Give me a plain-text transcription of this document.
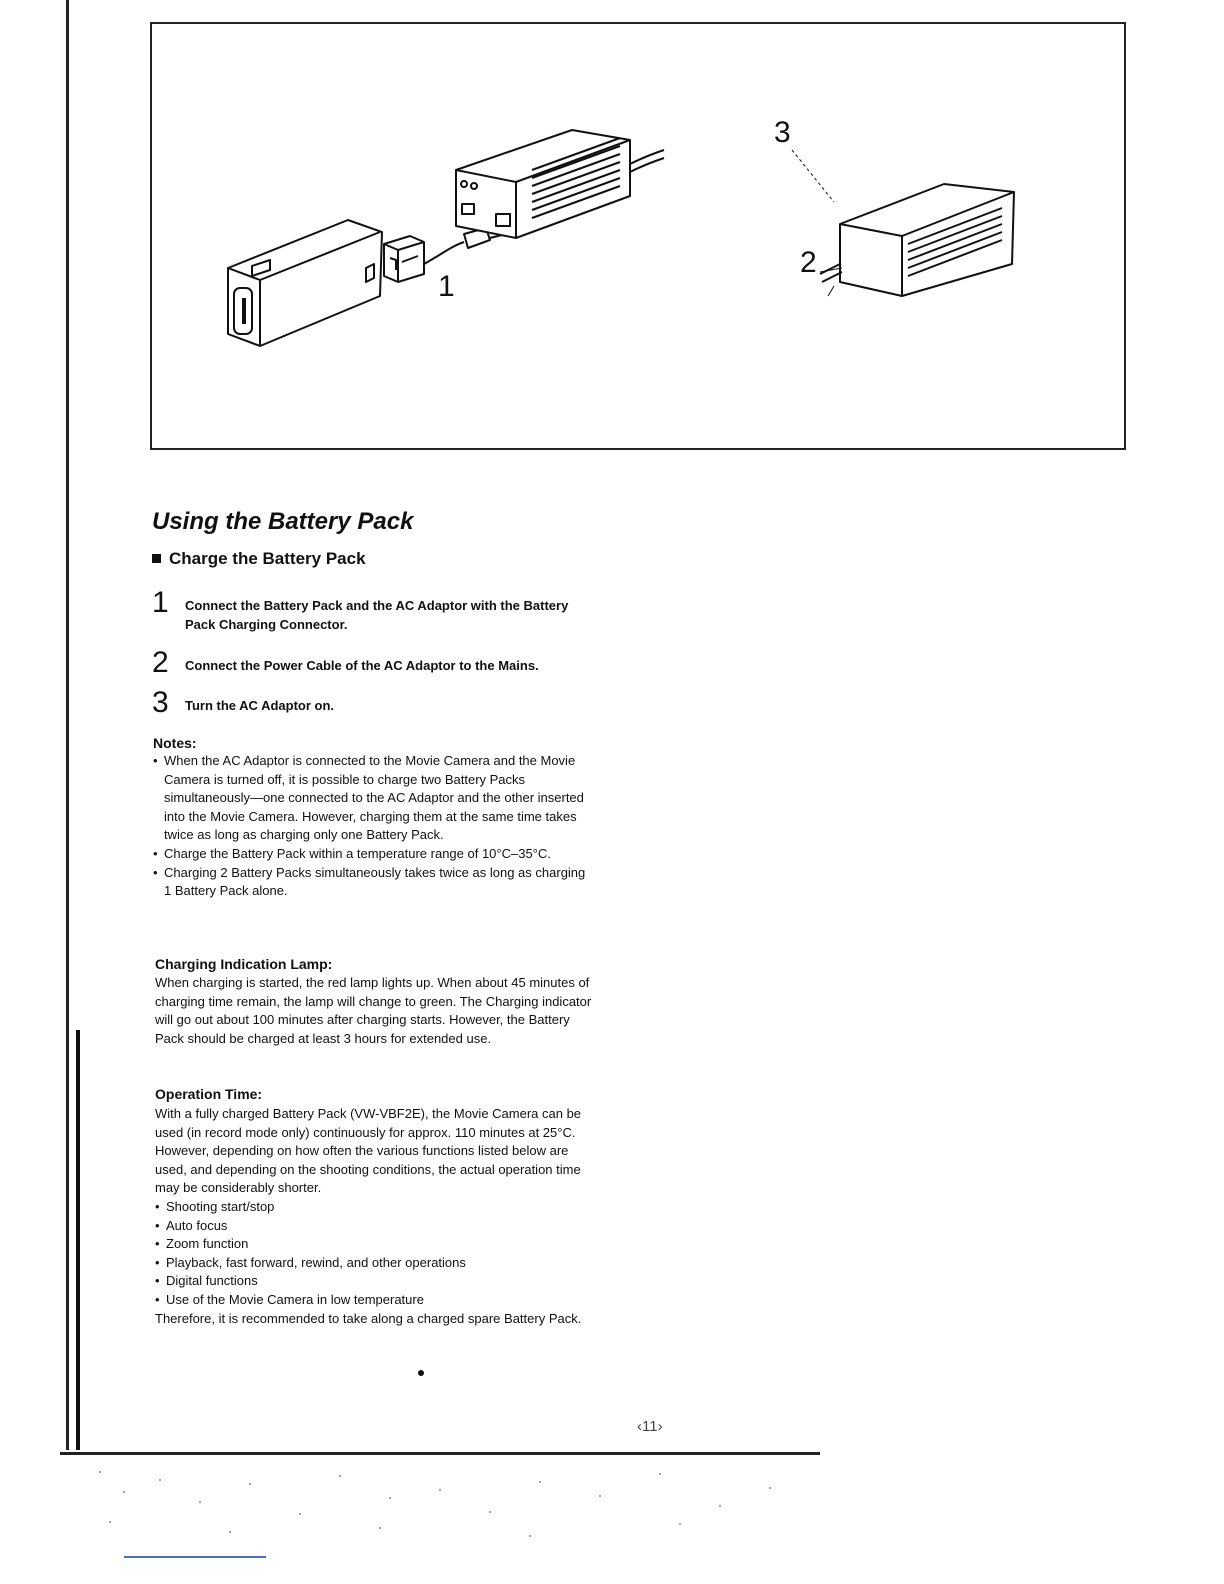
1
2
3
Using the Battery Pack
Charge the Battery Pack
1 Connect the Battery Pack and the AC Adaptor with the Battery Pack Charging Connector.
2 Connect the Power Cable of the AC Adaptor to the Mains.
3 Turn the AC Adaptor on.
Notes:
• When the AC Adaptor is connected to the Movie Camera and the Movie Camera is turned off, it is possible to charge two Battery Packs simultaneously—one connected to the AC Adaptor and the other inserted into the Movie Camera. However, charging them at the same time takes twice as long as charging only one Battery Pack.
• Charge the Battery Pack within a temperature range of 10°C–35°C.
• Charging 2 Battery Packs simultaneously takes twice as long as charging 1 Battery Pack alone.
Charging Indication Lamp:
When charging is started, the red lamp lights up. When about 45 minutes of charging time remain, the lamp will change to green. The Charging indicator will go out about 100 minutes after charging starts. However, the Battery Pack should be charged at least 3 hours for extended use.
Operation Time:
With a fully charged Battery Pack (VW-VBF2E), the Movie Camera can be used (in record mode only) continuously for approx. 110 minutes at 25°C. However, depending on how often the various functions listed below are used, and depending on the shooting conditions, the actual operation time may be considerably shorter.
• Shooting start/stop
• Auto focus
• Zoom function
• Playback, fast forward, rewind, and other operations
• Digital functions
• Use of the Movie Camera in low temperature
Therefore, it is recommended to take along a charged spare Battery Pack.
‹11›
